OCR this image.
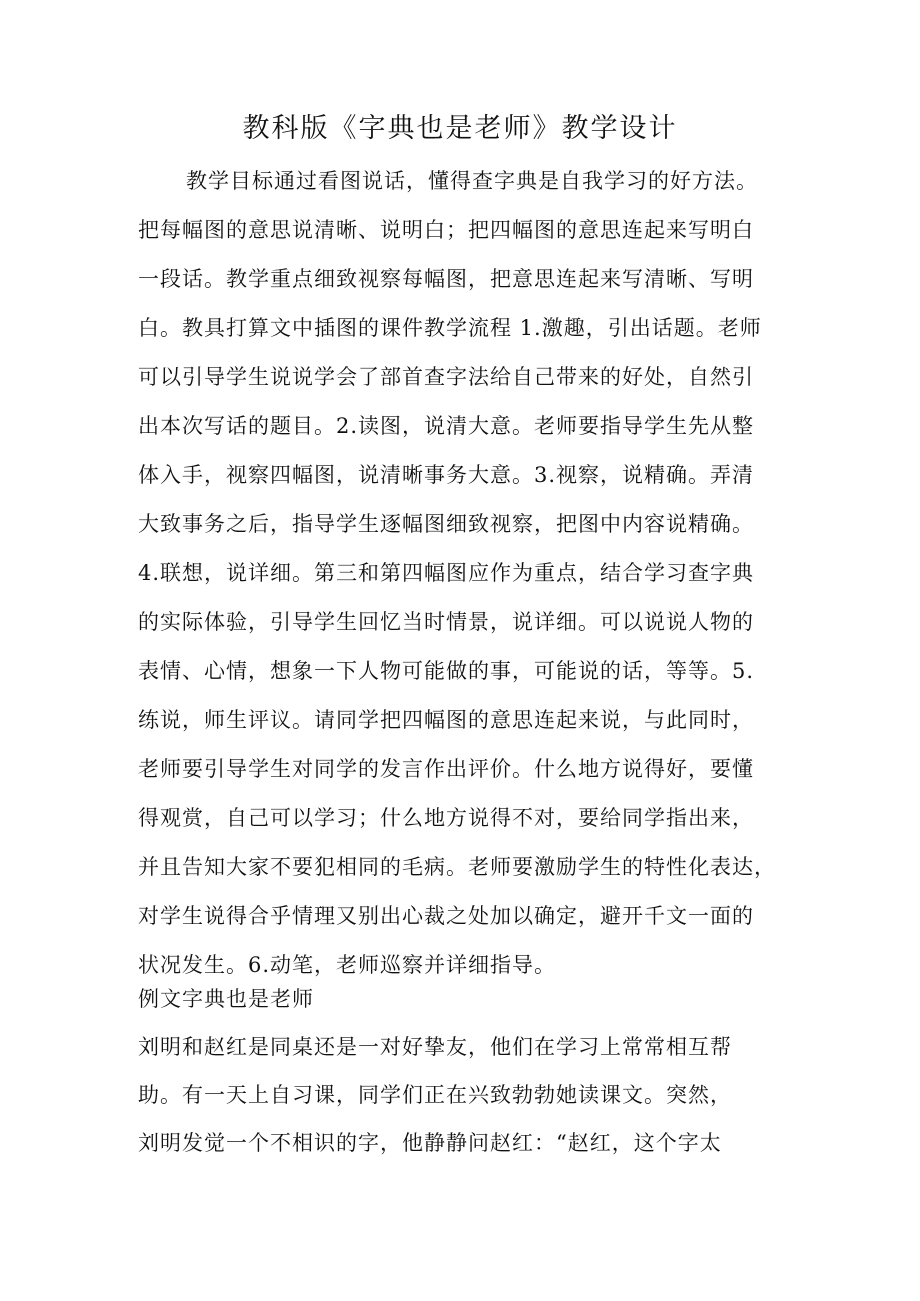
教科版《字典也是老师》教学设计
教学目标通过看图说话，懂得查字典是自我学习的好方法。
把每幅图的意思说清晰、说明白；把四幅图的意思连起来写明白
一段话。教学重点细致视察每幅图，把意思连起来写清晰、写明
白。教具打算文中插图的课件教学流程 1.激趣，引出话题。老师
可以引导学生说说学会了部首查字法给自己带来的好处，自然引
出本次写话的题目。2.读图，说清大意。老师要指导学生先从整
体入手，视察四幅图，说清晰事务大意。3.视察，说精确。弄清
大致事务之后，指导学生逐幅图细致视察，把图中内容说精确。
4.联想，说详细。第三和第四幅图应作为重点，结合学习查字典
的实际体验，引导学生回忆当时情景，说详细。可以说说人物的
表情、心情，想象一下人物可能做的事，可能说的话，等等。5.
练说，师生评议。请同学把四幅图的意思连起来说，与此同时，
老师要引导学生对同学的发言作出评价。什么地方说得好，要懂
得观赏，自己可以学习；什么地方说得不对，要给同学指出来，
并且告知大家不要犯相同的毛病。老师要激励学生的特性化表达，
对学生说得合乎情理又别出心裁之处加以确定，避开千文一面的
状况发生。6.动笔，老师巡察并详细指导。
例文字典也是老师
刘明和赵红是同桌还是一对好挚友，他们在学习上常常相互帮
助。有一天上自习课，同学们正在兴致勃勃她读课文。突然，
刘明发觉一个不相识的字，他静静问赵红：“赵红，这个字太
